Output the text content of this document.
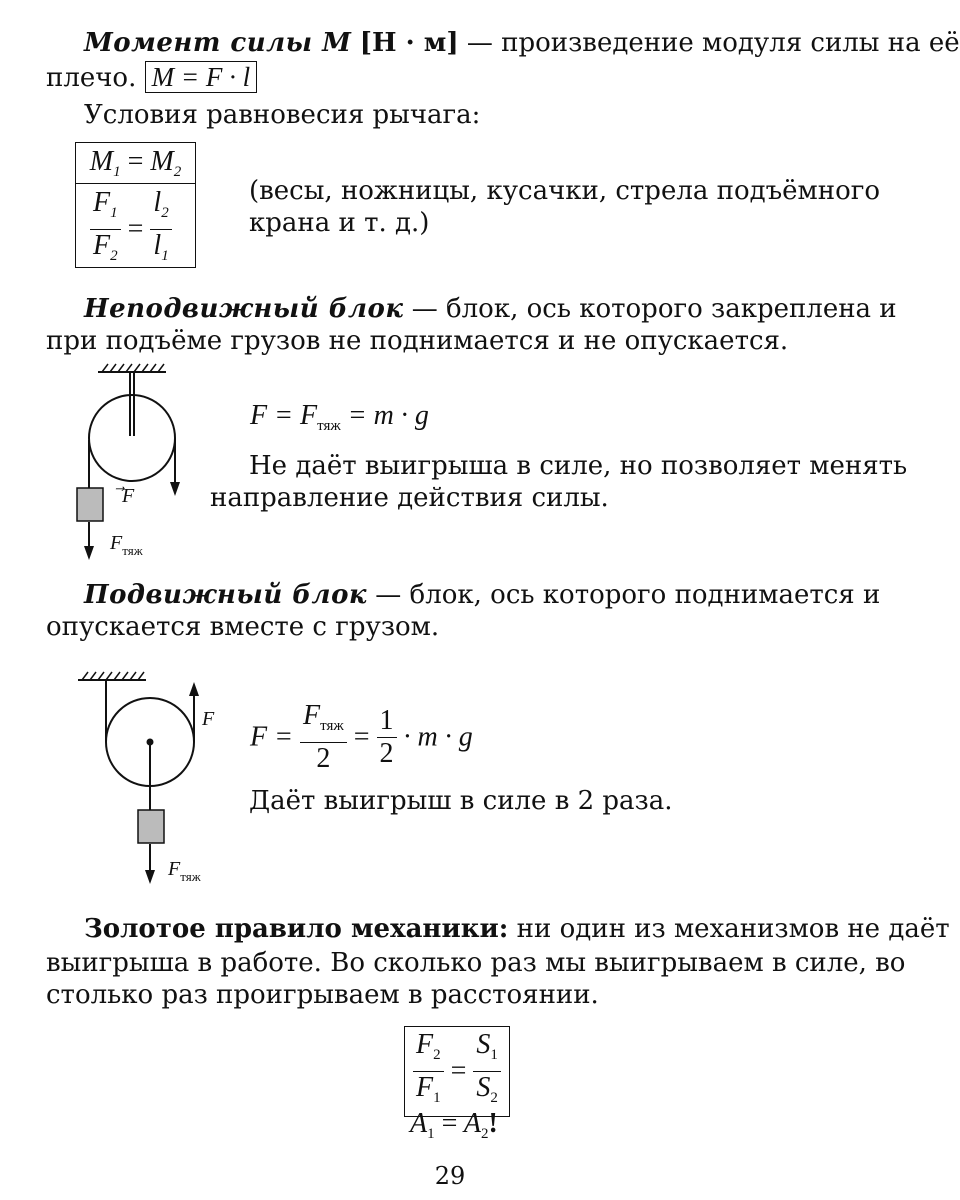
Момент силы M [Н · м] — произведение модуля силы на её
плечо. M = F · l
Условия равновесия рычага:
$M_1 = M_2$
$\frac{F_1}{F_2} = \frac{l_2}{l_1}$	(весы, ножницы, кусачки, стрела подъёмного
крана и т. д.)
Неподвижный блок — блок, ось которого закреплена и
при подъёме грузов не поднимается и не опускается.
F
$F_{тяж}$
$F = F_{тяж} = m \cdot g$
Не даёт выигрыша в силе, но позволяет менять
направление действия силы.
Подвижный блок — блок, ось которого поднимается и
опускается вместе с грузом.
F
$F_{тяж}$
$F = \frac{F_{тяж}}{2} = \frac{1}{2} \cdot m \cdot g$
Даёт выигрыш в силе в 2 раза.
Золотое правило механики: ни один из механизмов не даёт
выигрыша в работе. Во сколько раз мы выигрываем в силе, во
столько раз проигрываем в расстоянии.
$\frac{F_2}{F_1} = \frac{S_1}{S_2}$
$A_1 = A_2$!
29
